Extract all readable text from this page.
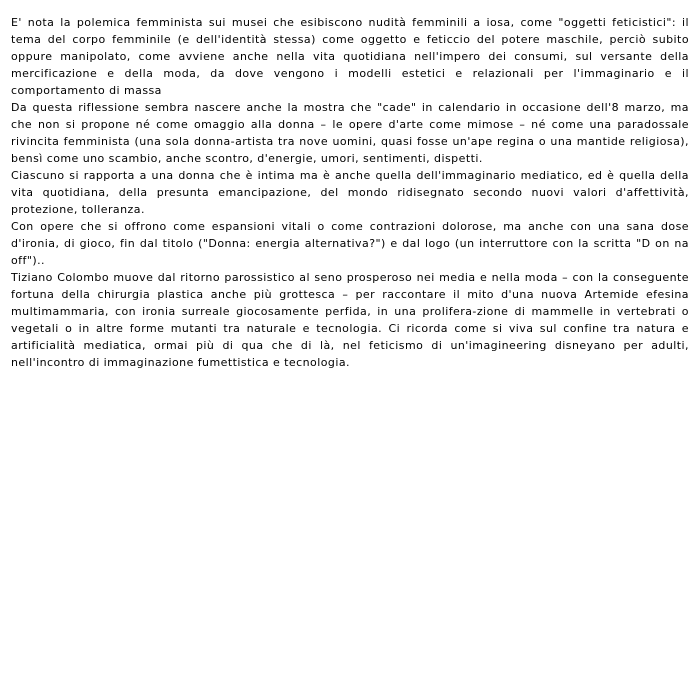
E' nota la polemica femminista sui musei che esibiscono nudità femminili a iosa, come "oggetti feticistici": il tema del corpo femminile (e dell'identità stessa) come oggetto e feticcio del potere maschile, perciò subito oppure manipolato, come avviene anche nella vita quotidiana nell'impero dei consumi, sul versante della mercificazione e della moda, da dove vengono i modelli estetici e relazionali per l'immaginario e il comportamento di massa

Da questa riflessione sembra nascere anche la mostra che "cade" in calendario in occasione dell'8 marzo, ma che non si propone né come omaggio alla donna – le opere d'arte come mimose – né come una paradossale rivincita femminista (una sola donna-artista tra nove uomini, quasi fosse un'ape regina o una mantide religiosa), bensì come uno scambio, anche scontro, d'energie, umori, sentimenti, dispetti.

Ciascuno si rapporta a una donna che è intima ma è anche quella dell'immaginario mediatico, ed è quella della vita quotidiana, della presunta emancipazione, del mondo ridisegnato secondo nuovi valori d'affettività, protezione, tolleranza.

Con opere che si offrono come espansioni vitali o come contrazioni dolorose, ma anche con una sana dose d'ironia, di gioco, fin dal titolo ("Donna: energia alternativa?") e dal logo (un interruttore con la scritta "D on na off")..

Tiziano Colombo muove dal ritorno parossistico al seno prosperoso nei media e nella moda – con la conseguente fortuna della chirurgia plastica anche più grottesca – per raccontare il mito d'una nuova Artemide efesina multimammaria, con ironia surreale giocosamente perfida, in una prolifera-zione di mammelle in vertebrati o vegetali o in altre forme mutanti tra naturale e tecnologia. Ci ricorda come si viva sul confine tra natura e artificialità mediatica, ormai più di qua che di là, nel feticismo di un'imagineering disneyano per adulti, nell'incontro di immaginazione fumettistica e tecnologia.
